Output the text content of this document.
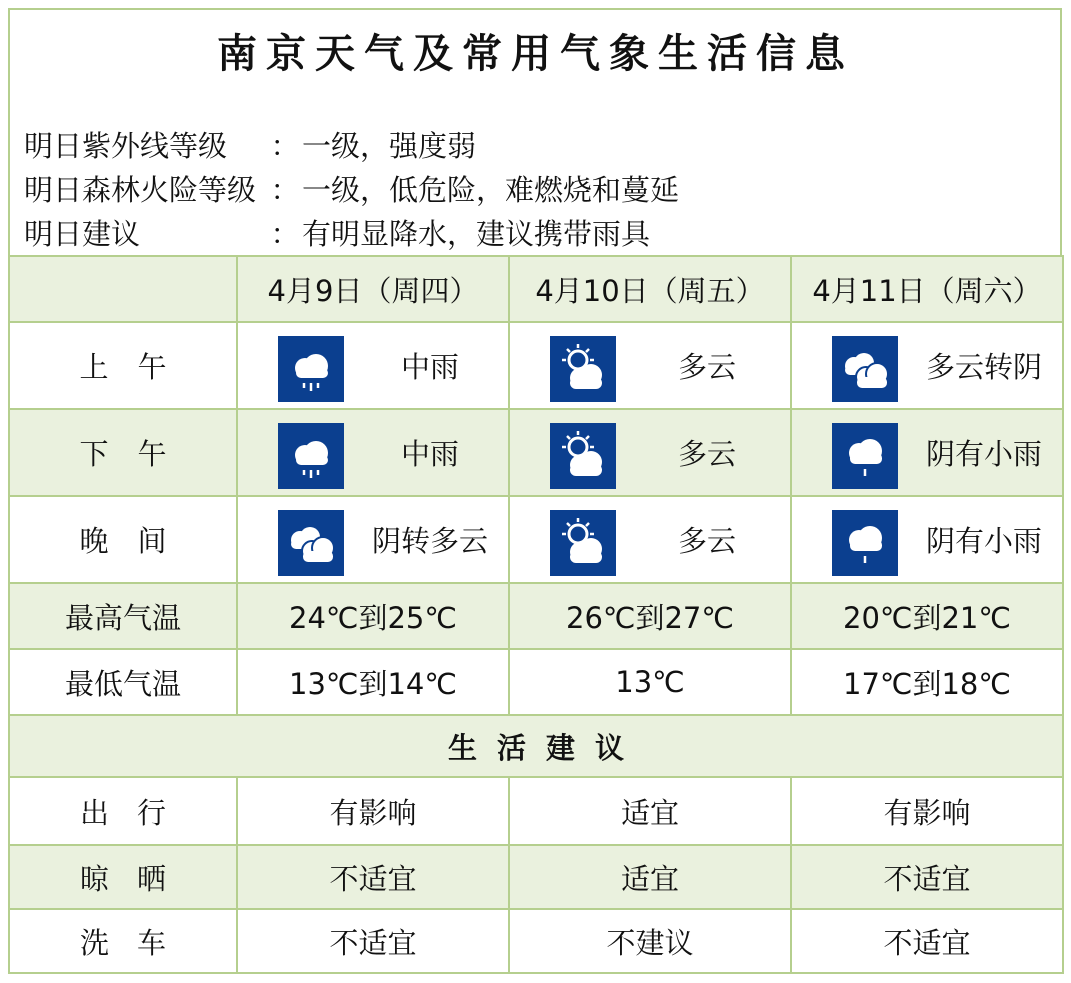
南京天气及常用气象生活信息
明日紫外线等级 ：一级，强度弱
明日森林火险等级 ：一级，低危险，难燃烧和蔓延
明日建议	：有明显降水，建议携带雨具
	4月9日（周四）	4月10日（周五）	4月11日（周六）
上　午	中雨	多云	多云转阴

下　午	中雨	多云	阴有小雨

晚　间	阴转多云	多云	阴有小雨

最高气温	24℃到25℃	26℃到27℃	20℃到21℃
最低气温	13℃到14℃	13℃	17℃到18℃
生活建议			
出行	有影响	适宜	有影响
晾晒	不适宜	适宜	不适宜
洗车	不适宜	不建议	不适宜
